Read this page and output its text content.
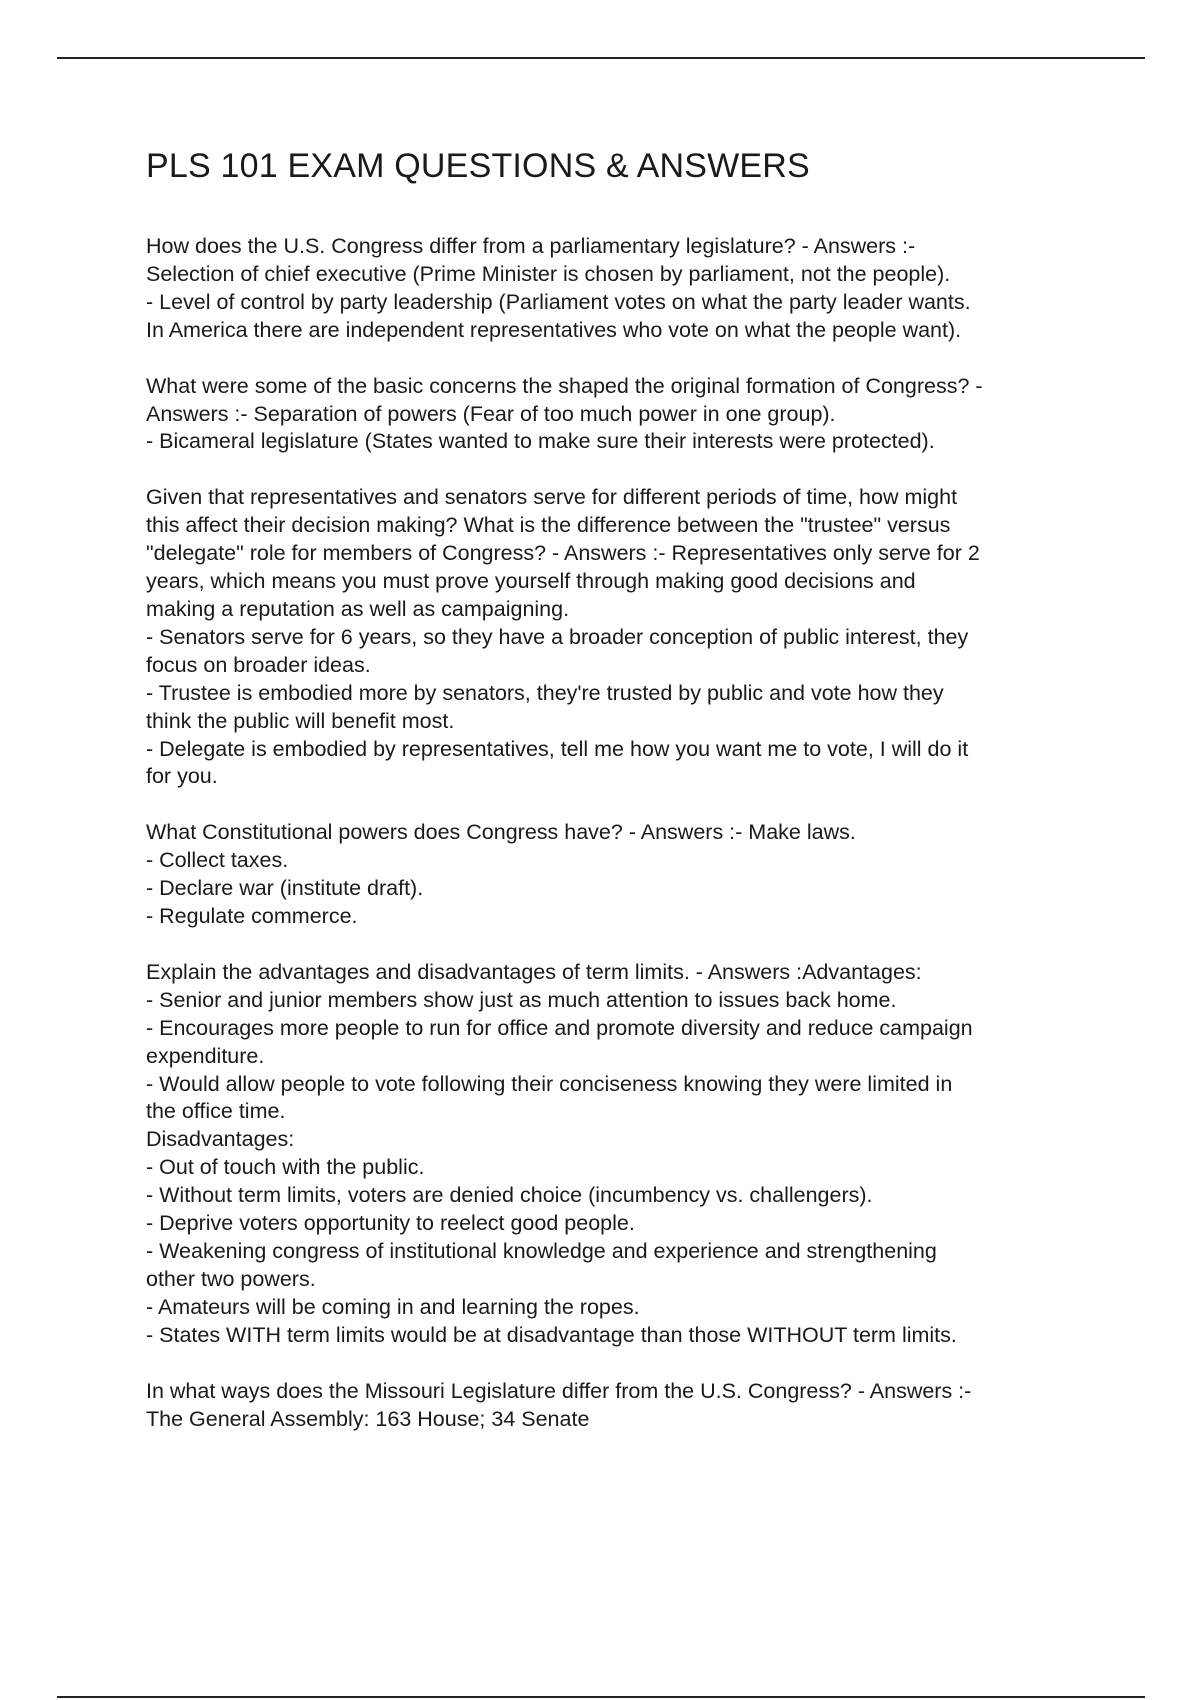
PLS 101 EXAM QUESTIONS & ANSWERS

How does the U.S. Congress differ from a parliamentary legislature? - Answers :-

Selection of chief executive (Prime Minister is chosen by parliament, not the people).

- Level of control by party leadership (Parliament votes on what the party leader wants.

In America there are independent representatives who vote on what the people want).

What were some of the basic concerns the shaped the original formation of Congress? -

Answers :- Separation of powers (Fear of too much power in one group).

- Bicameral legislature (States wanted to make sure their interests were protected).

Given that representatives and senators serve for different periods of time, how might

this affect their decision making? What is the difference between the "trustee" versus

"delegate" role for members of Congress? - Answers :- Representatives only serve for 2

years, which means you must prove yourself through making good decisions and

making a reputation as well as campaigning.

- Senators serve for 6 years, so they have a broader conception of public interest, they

focus on broader ideas.

- Trustee is embodied more by senators, they're trusted by public and vote how they

think the public will benefit most.

- Delegate is embodied by representatives, tell me how you want me to vote, I will do it

for you.

What Constitutional powers does Congress have? - Answers :- Make laws.

- Collect taxes.

- Declare war (institute draft).

- Regulate commerce.

Explain the advantages and disadvantages of term limits. - Answers :Advantages:

- Senior and junior members show just as much attention to issues back home.

- Encourages more people to run for office and promote diversity and reduce campaign

expenditure.

- Would allow people to vote following their conciseness knowing they were limited in

the office time.

Disadvantages:

- Out of touch with the public.

- Without term limits, voters are denied choice (incumbency vs. challengers).

- Deprive voters opportunity to reelect good people.

- Weakening congress of institutional knowledge and experience and strengthening

other two powers.

- Amateurs will be coming in and learning the ropes.

- States WITH term limits would be at disadvantage than those WITHOUT term limits.

In what ways does the Missouri Legislature differ from the U.S. Congress? - Answers :-

The General Assembly: 163 House; 34 Senate
